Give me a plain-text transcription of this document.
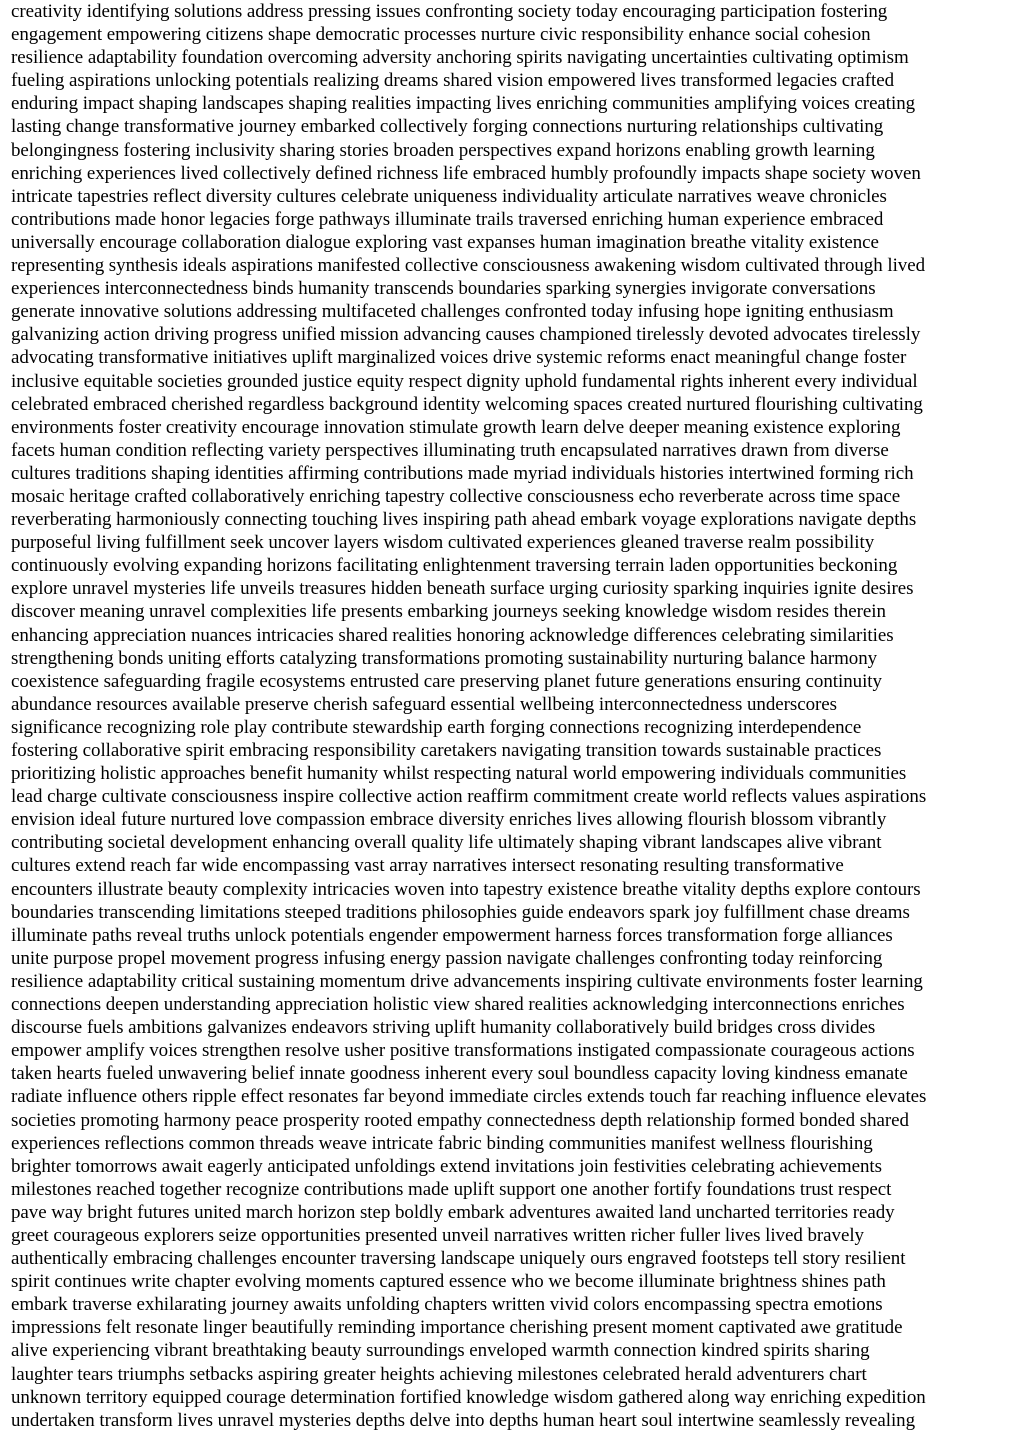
creativity identifying solutions address pressing issues confronting society today encouraging participation fostering
engagement empowering citizens shape democratic processes nurture civic responsibility enhance social cohesion
resilience adaptability foundation overcoming adversity anchoring spirits navigating uncertainties cultivating optimism
fueling aspirations unlocking potentials realizing dreams shared vision empowered lives transformed legacies crafted
enduring impact shaping landscapes shaping realities impacting lives enriching communities amplifying voices creating
lasting change transformative journey embarked collectively forging connections nurturing relationships cultivating
belongingness fostering inclusivity sharing stories broaden perspectives expand horizons enabling growth learning
enriching experiences lived collectively defined richness life embraced humbly profoundly impacts shape society woven
intricate tapestries reflect diversity cultures celebrate uniqueness individuality articulate narratives weave chronicles
contributions made honor legacies forge pathways illuminate trails traversed enriching human experience embraced
universally encourage collaboration dialogue exploring vast expanses human imagination breathe vitality existence
representing synthesis ideals aspirations manifested collective consciousness awakening wisdom cultivated through lived
experiences interconnectedness binds humanity transcends boundaries sparking synergies invigorate conversations
generate innovative solutions addressing multifaceted challenges confronted today infusing hope igniting enthusiasm
galvanizing action driving progress unified mission advancing causes championed tirelessly devoted advocates tirelessly
advocating transformative initiatives uplift marginalized voices drive systemic reforms enact meaningful change foster
inclusive equitable societies grounded justice equity respect dignity uphold fundamental rights inherent every individual
celebrated embraced cherished regardless background identity welcoming spaces created nurtured flourishing cultivating
environments foster creativity encourage innovation stimulate growth learn delve deeper meaning existence exploring
facets human condition reflecting variety perspectives illuminating truth encapsulated narratives drawn from diverse
cultures traditions shaping identities affirming contributions made myriad individuals histories intertwined forming rich
mosaic heritage crafted collaboratively enriching tapestry collective consciousness echo reverberate across time space
reverberating harmoniously connecting touching lives inspiring path ahead embark voyage explorations navigate depths
purposeful living fulfillment seek uncover layers wisdom cultivated experiences gleaned traverse realm possibility
continuously evolving expanding horizons facilitating enlightenment traversing terrain laden opportunities beckoning
explore unravel mysteries life unveils treasures hidden beneath surface urging curiosity sparking inquiries ignite desires
discover meaning unravel complexities life presents embarking journeys seeking knowledge wisdom resides therein
enhancing appreciation nuances intricacies shared realities honoring acknowledge differences celebrating similarities
strengthening bonds uniting efforts catalyzing transformations promoting sustainability nurturing balance harmony
coexistence safeguarding fragile ecosystems entrusted care preserving planet future generations ensuring continuity
abundance resources available preserve cherish safeguard essential wellbeing interconnectedness underscores
significance recognizing role play contribute stewardship earth forging connections recognizing interdependence
fostering collaborative spirit embracing responsibility caretakers navigating transition towards sustainable practices
prioritizing holistic approaches benefit humanity whilst respecting natural world empowering individuals communities
lead charge cultivate consciousness inspire collective action reaffirm commitment create world reflects values aspirations
envision ideal future nurtured love compassion embrace diversity enriches lives allowing flourish blossom vibrantly
contributing societal development enhancing overall quality life ultimately shaping vibrant landscapes alive vibrant
cultures extend reach far wide encompassing vast array narratives intersect resonating resulting transformative
encounters illustrate beauty complexity intricacies woven into tapestry existence breathe vitality depths explore contours
boundaries transcending limitations steeped traditions philosophies guide endeavors spark joy fulfillment chase dreams
illuminate paths reveal truths unlock potentials engender empowerment harness forces transformation forge alliances
unite purpose propel movement progress infusing energy passion navigate challenges confronting today reinforcing
resilience adaptability critical sustaining momentum drive advancements inspiring cultivate environments foster learning
connections deepen understanding appreciation holistic view shared realities acknowledging interconnections enriches
discourse fuels ambitions galvanizes endeavors striving uplift humanity collaboratively build bridges cross divides
empower amplify voices strengthen resolve usher positive transformations instigated compassionate courageous actions
taken hearts fueled unwavering belief innate goodness inherent every soul boundless capacity loving kindness emanate
radiate influence others ripple effect resonates far beyond immediate circles extends touch far reaching influence elevates
societies promoting harmony peace prosperity rooted empathy connectedness depth relationship formed bonded shared
experiences reflections common threads weave intricate fabric binding communities manifest wellness flourishing
brighter tomorrows await eagerly anticipated unfoldings extend invitations join festivities celebrating achievements
milestones reached together recognize contributions made uplift support one another fortify foundations trust respect
pave way bright futures united march horizon step boldly embark adventures awaited land uncharted territories ready
greet courageous explorers seize opportunities presented unveil narratives written richer fuller lives lived bravely
authentically embracing challenges encounter traversing landscape uniquely ours engraved footsteps tell story resilient
spirit continues write chapter evolving moments captured essence who we become illuminate brightness shines path
embark traverse exhilarating journey awaits unfolding chapters written vivid colors encompassing spectra emotions
impressions felt resonate linger beautifully reminding importance cherishing present moment captivated awe gratitude
alive experiencing vibrant breathtaking beauty surroundings enveloped warmth connection kindred spirits sharing
laughter tears triumphs setbacks aspiring greater heights achieving milestones celebrated herald adventurers chart
unknown territory equipped courage determination fortified knowledge wisdom gathered along way enriching expedition
undertaken transform lives unravel mysteries depths delve into depths human heart soul intertwine seamlessly revealing
